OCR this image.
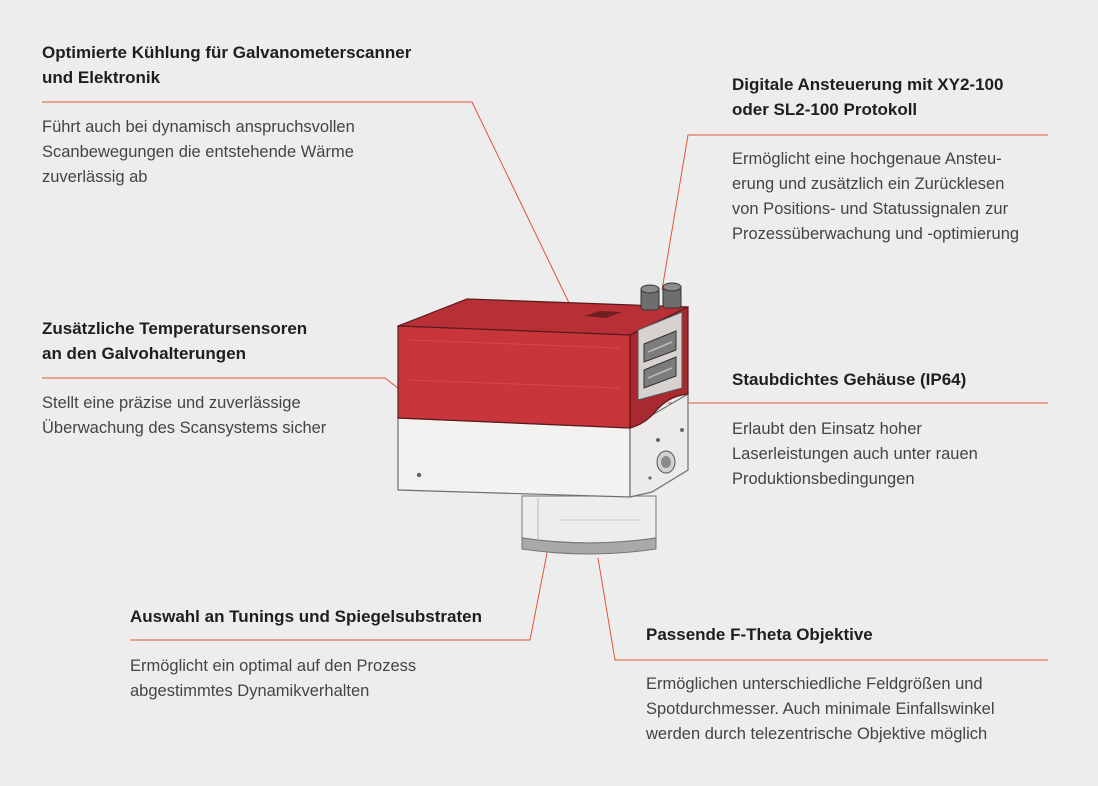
Optimierte Kühlung für Galvanometerscanner
und Elektronik

Führt auch bei dynamisch anspruchsvollen
Scanbewegungen die entstehende Wärme
zuverlässig ab

Digitale Ansteuerung mit XY2-100
oder SL2-100 Protokoll

Ermöglicht eine hochgenaue Ansteu-
erung und zusätzlich ein Zurücklesen
von Positions- und Statussignalen zur
Prozessüberwachung und -optimierung

Zusätzliche Temperatursensoren
an den Galvohalterungen

Stellt eine präzise und zuverlässige
Überwachung des Scansystems sicher

Staubdichtes Gehäuse (IP64)

Erlaubt den Einsatz hoher
Laserleistungen auch unter rauen
Produktionsbedingungen

Auswahl an Tunings und Spiegelsubstraten

Ermöglicht ein optimal auf den Prozess
abgestimmtes Dynamikverhalten

Passende F-Theta Objektive

Ermöglichen unterschiedliche Feldgrößen und
Spotdurchmesser. Auch minimale Einfallswinkel
werden durch telezentrische Objektive möglich
